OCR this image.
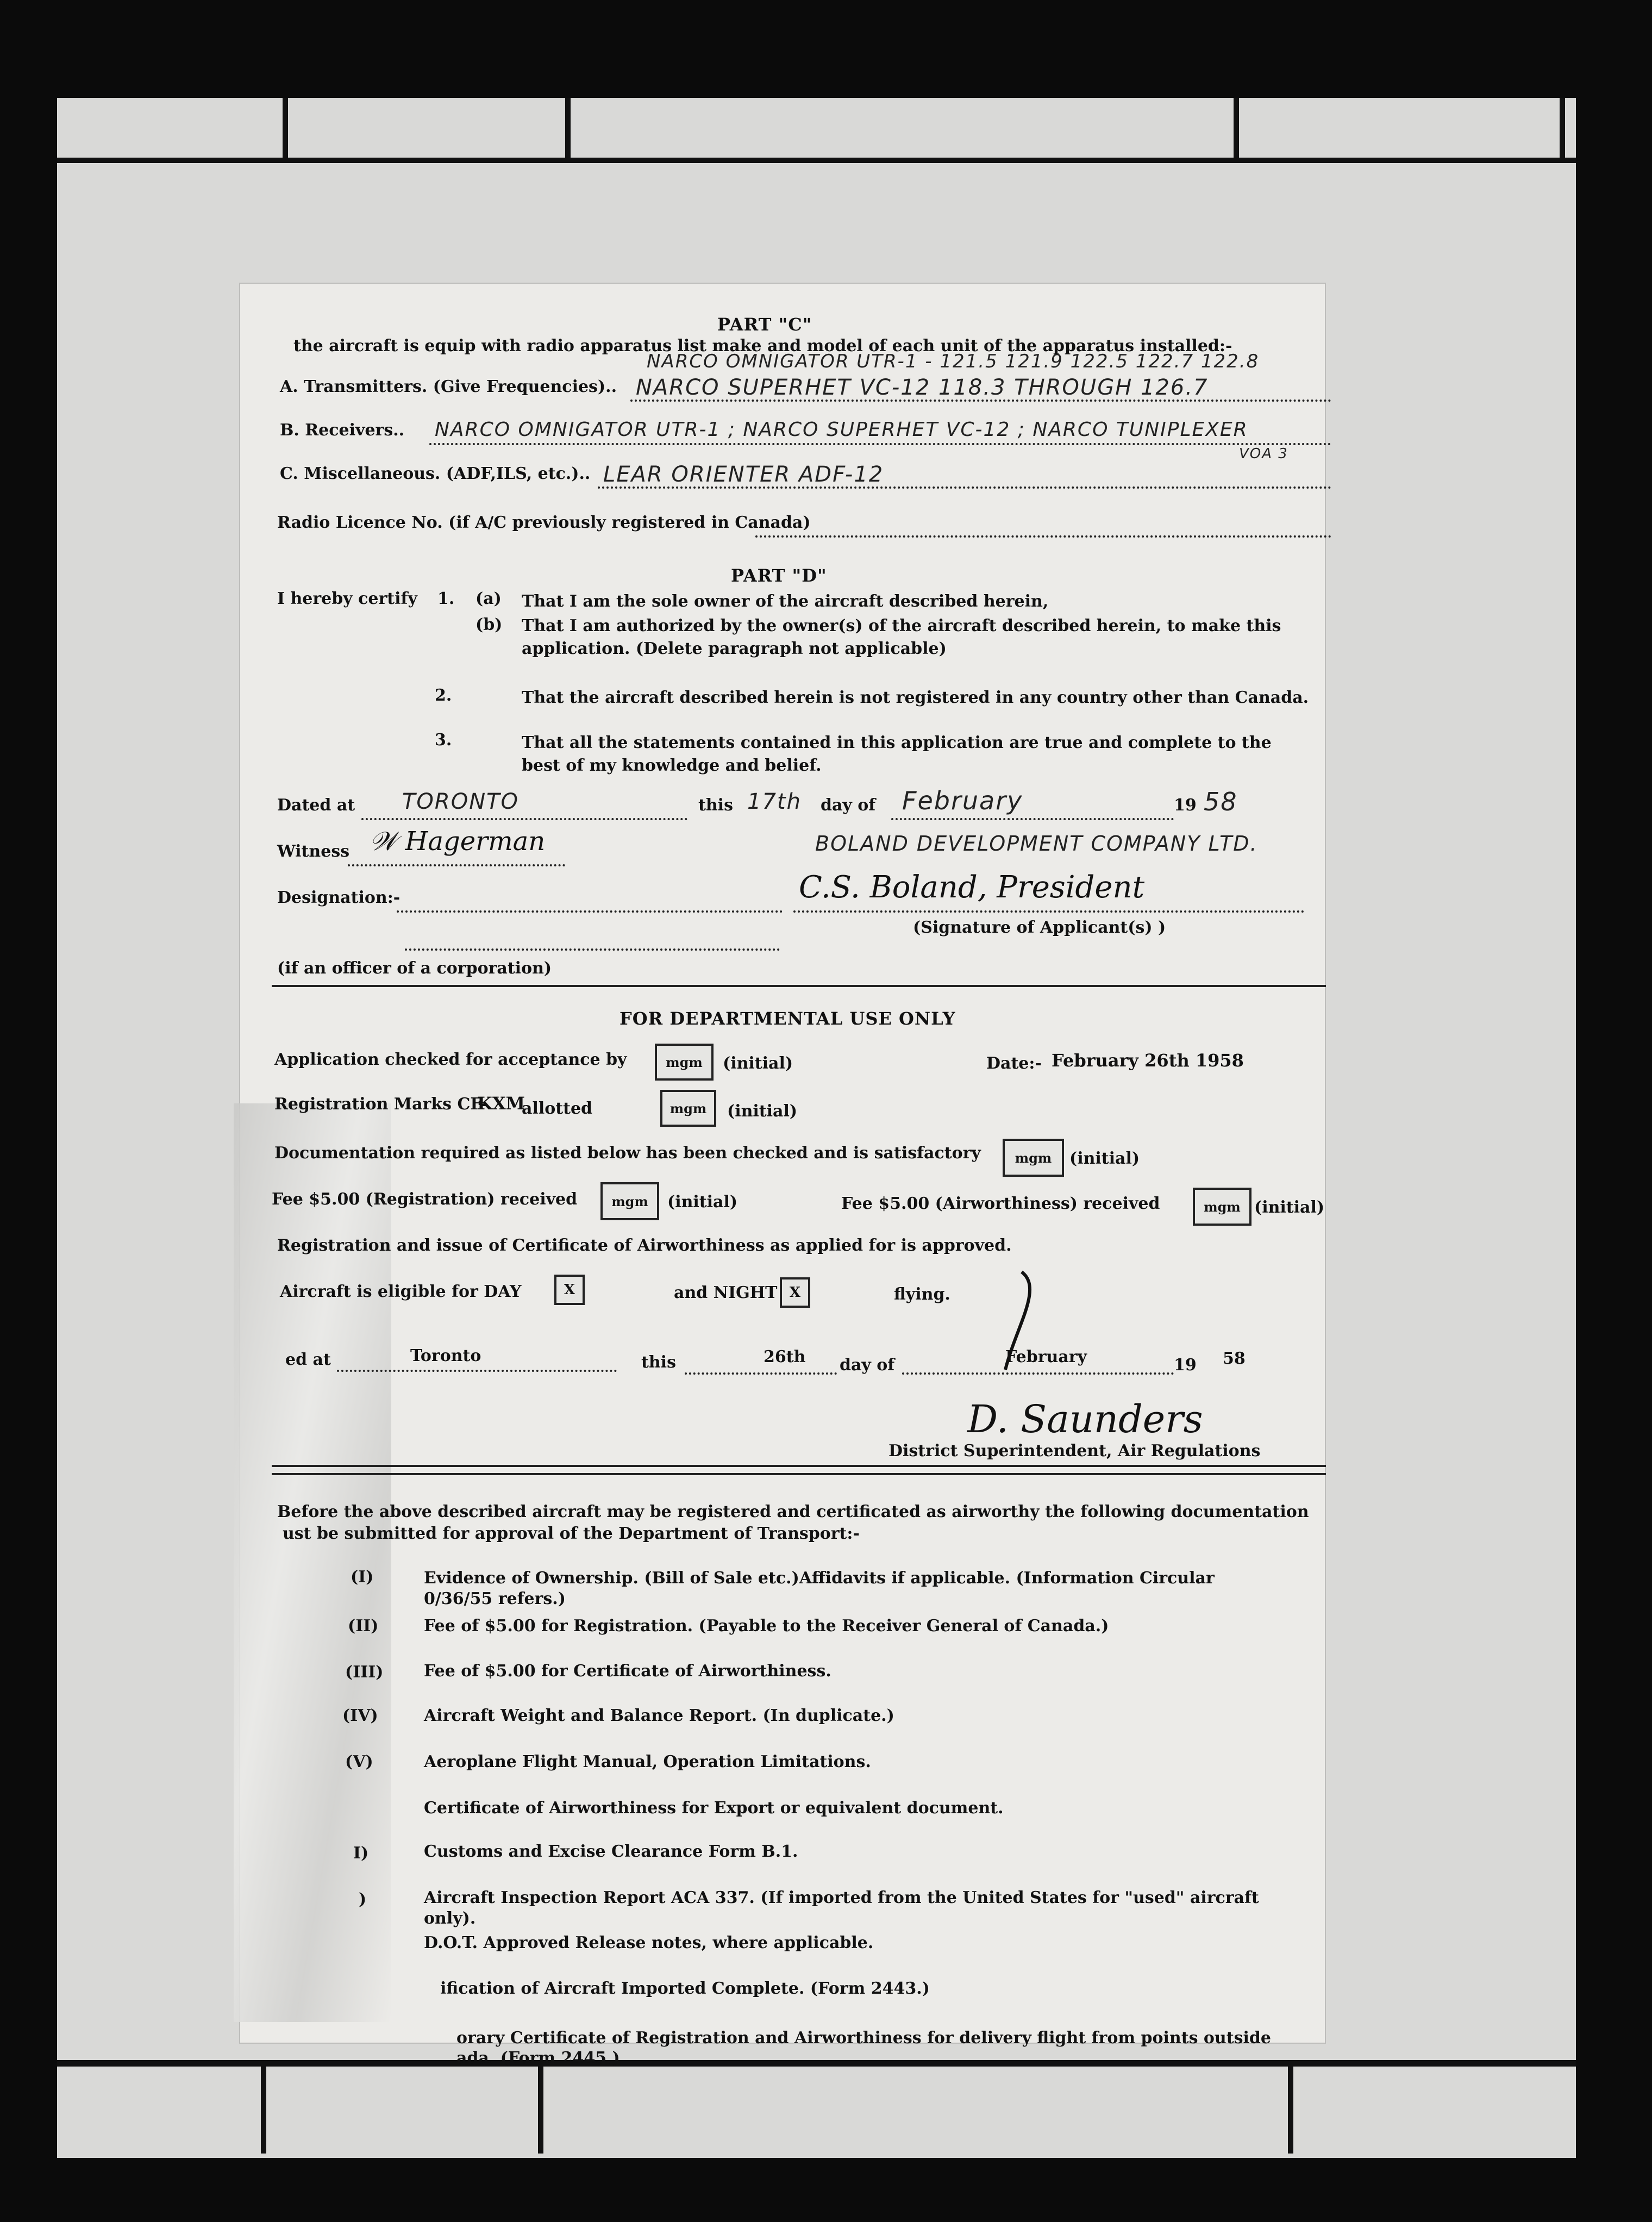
PART "C"
the aircraft is equip with radio apparatus list make and model of each unit of the apparatus installed:-
NARCO OMNIGATOR UTR-1 - 121.5 121.9 122.5 122.7 122.8
A. Transmitters. (Give Frequencies).. NARCO SUPERHET VC-12 118.3 THROUGH 126.7
B. Receivers.. NARCO OMNIGATOR UTR-1 ; NARCO SUPERHET VC-12 ; NARCO TUNIPLEXER
VOA 3
C. Miscellaneous. (ADF,ILS, etc.).. LEAR ORIENTER ADF-12
Radio Licence No. (if A/C previously registered in Canada)
PART "D"
I hereby certify 1. (a) That I am the sole owner of the aircraft described herein,
(b) That I am authorized by the owner(s) of the aircraft described herein, to make this
application. (Delete paragraph not applicable)
2.	That the aircraft described herein is not registered in any country other than Canada.
3.	That all the statements contained in this application are true and complete to the
best of my knowledge and belief.
Dated at TORONTO	this 17th day of February	19 58
Witness 𝒲 Hagerman	BOLAND DEVELOPMENT COMPANY LTD.
Designation:-	C.S. Boland, President
(Signature of Applicant(s) )
(if an officer of a corporation)
FOR DEPARTMENTAL USE ONLY
Application checked for acceptance by	mgm	(initial)	Date:- February 26th 1958
Registration Marks CF-
KXM
allotted	mgm	(initial)
Documentation required as listed below has been checked and is satisfactory	mgm	(initial)
Fee $5.00 (Registration) received	mgm	(initial)	Fee $5.00 (Airworthiness) received	mgm (initial)
Registration and issue of Certificate of Airworthiness as applied for is approved.
Aircraft is eligible for DAY	X	and NIGHT X	flying.
ed at	Toronto	this	26th day of	February	19 58
D. Saunders
District Superintendent, Air Regulations
Before the above described aircraft may be registered and certificated as airworthy the following documentation
ust be submitted for approval of the Department of Transport:-
(I)	Evidence of Ownership. (Bill of Sale etc.)Affidavits if applicable. (Information Circular
0/36/55 refers.)
(II)	Fee of $5.00 for Registration. (Payable to the Receiver General of Canada.)
(III) Fee of $5.00 for Certificate of Airworthiness.
(IV)	Aircraft Weight and Balance Report. (In duplicate.)
(V)	Aeroplane Flight Manual, Operation Limitations.
Certificate of Airworthiness for Export or equivalent document.
I)	Customs and Excise Clearance Form B.1.
)	Aircraft Inspection Report ACA 337. (If imported from the United States for "used" aircraft
only).
D.O.T. Approved Release notes, where applicable.
ification of Aircraft Imported Complete. (Form 2443.)
orary Certificate of Registration and Airworthiness for delivery flight from points outside
ada. (Form 2445.)
